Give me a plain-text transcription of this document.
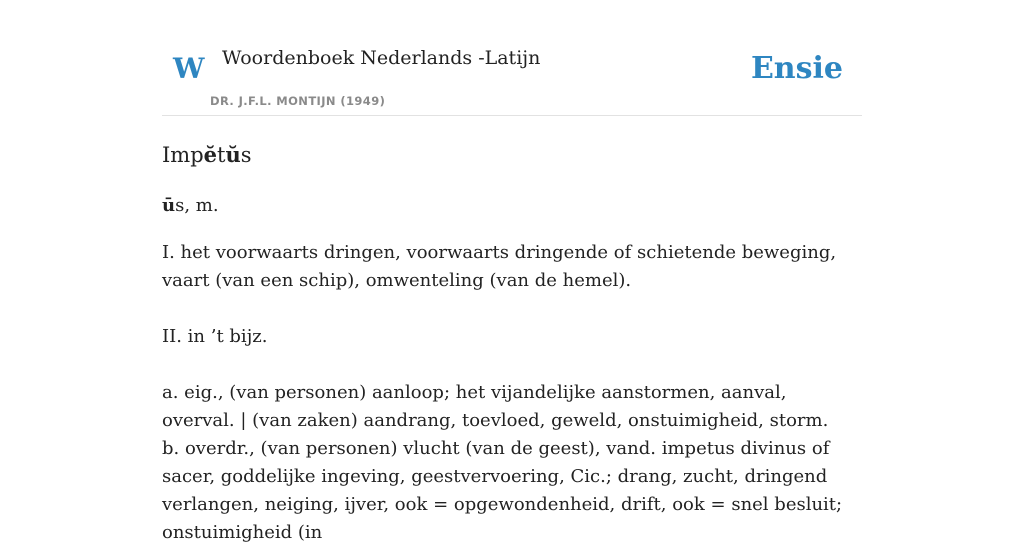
W Woordenboek Nederlands -Latijn
DR. J.F.L. MONTIJN (1949)
Ensie
Impĕtŭs
ūs, m.

I. het voorwaarts dringen, voorwaarts dringende of schietende beweging, vaart (van een schip), omwenteling (van de hemel).

II. in ’t bijz.

a. eig., (van personen) aanloop; het vijandelijke aanstormen, aanval, overval. | (van zaken) aandrang, toevloed, geweld, onstuimigheid, storm.

b. overdr., (van personen) vlucht (van de geest), vand. impetus divinus of sacer, goddelijke ingeving, geestvervoering, Cic.; drang, zucht, dringend verlangen, neiging, ijver, ook = opgewondenheid, drift, ook = snel besluit; onstuimigheid (in
